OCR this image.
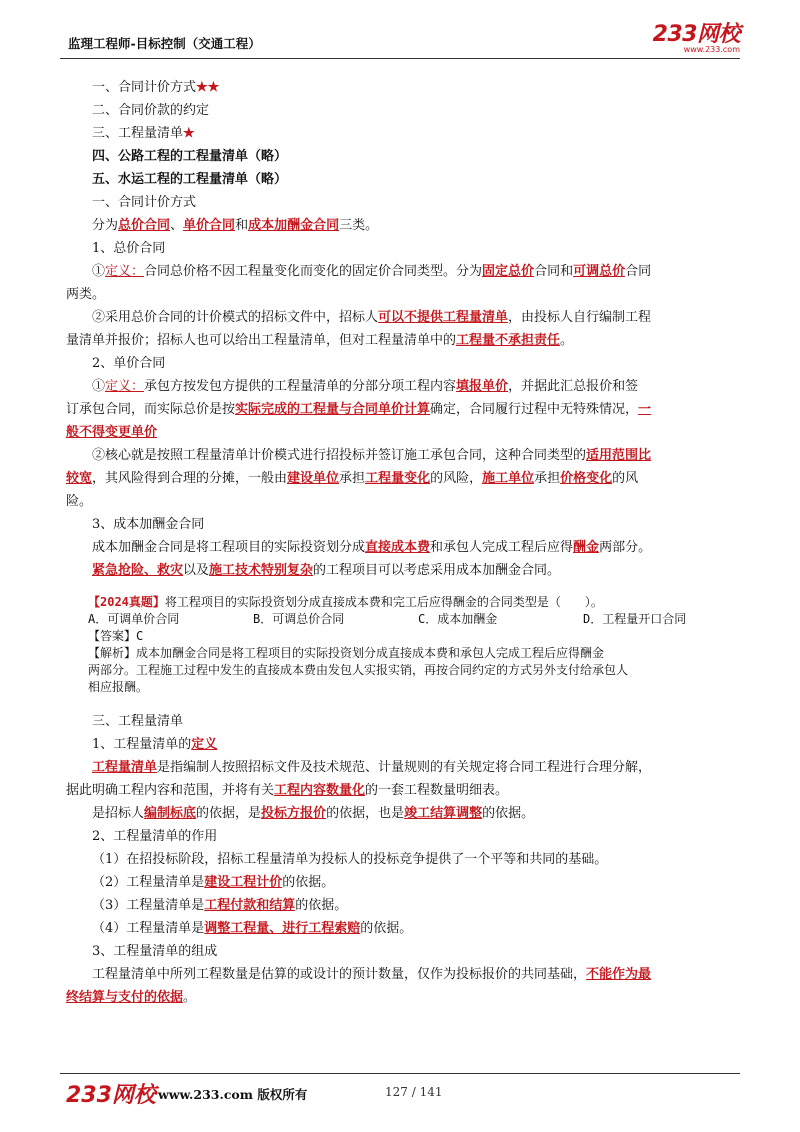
监理工程师-目标控制（交通工程）	233网校
www.233.com
一、合同计价方式★★
二、合同价款的约定
三、工程量清单★
四、公路工程的工程量清单（略）
五、水运工程的工程量清单（略）
一、合同计价方式
分为总价合同、单价合同和成本加酬金合同三类。
1、总价合同
①定义：合同总价格不因工程量变化而变化的固定价合同类型。分为固定总价合同和可调总价合同
两类。
②采用总价合同的计价模式的招标文件中，招标人可以不提供工程量清单，由投标人自行编制工程
量清单并报价；招标人也可以给出工程量清单，但对工程量清单中的工程量不承担责任。
2、单价合同
①定义：承包方按发包方提供的工程量清单的分部分项工程内容填报单价，并据此汇总报价和签
订承包合同，而实际总价是按实际完成的工程量与合同单价计算确定，合同履行过程中无特殊情况，一
般不得变更单价
②核心就是按照工程量清单计价模式进行招投标并签订施工承包合同，这种合同类型的适用范围比
较宽，其风险得到合理的分摊，一般由建设单位承担工程量变化的风险，施工单位承担价格变化的风
险。
3、成本加酬金合同
成本加酬金合同是将工程项目的实际投资划分成直接成本费和承包人完成工程后应得酬金两部分。
紧急抢险、救灾以及施工技术特别复杂的工程项目可以考虑采用成本加酬金合同。
【2024真题】将工程项目的实际投资划分成直接成本费和完工后应得酬金的合同类型是（　　）。
A．可调单价合同	B．可调总价合同	C．成本加酬金	D．工程量开口合同
【答案】C
【解析】成本加酬金合同是将工程项目的实际投资划分成直接成本费和承包人完成工程后应得酬金
两部分。工程施工过程中发生的直接成本费由发包人实报实销，再按合同约定的方式另外支付给承包人
相应报酬。
三、工程量清单
1、工程量清单的定义
工程量清单是指编制人按照招标文件及技术规范、计量规则的有关规定将合同工程进行合理分解，
据此明确工程内容和范围，并将有关工程内容数量化的一套工程数量明细表。
是招标人编制标底的依据，是投标方报价的依据，也是竣工结算调整的依据。
2、工程量清单的作用
（1）在招投标阶段，招标工程量清单为投标人的投标竞争提供了一个平等和共同的基础。
（2）工程量清单是建设工程计价的依据。
（3）工程量清单是工程付款和结算的依据。
（4）工程量清单是调整工程量、进行工程索赔的依据。
3、工程量清单的组成
工程量清单中所列工程数量是估算的或设计的预计数量，仅作为投标报价的共同基础，不能作为最
终结算与支付的依据。
233网校 www.233.com 版权所有	127 / 141
